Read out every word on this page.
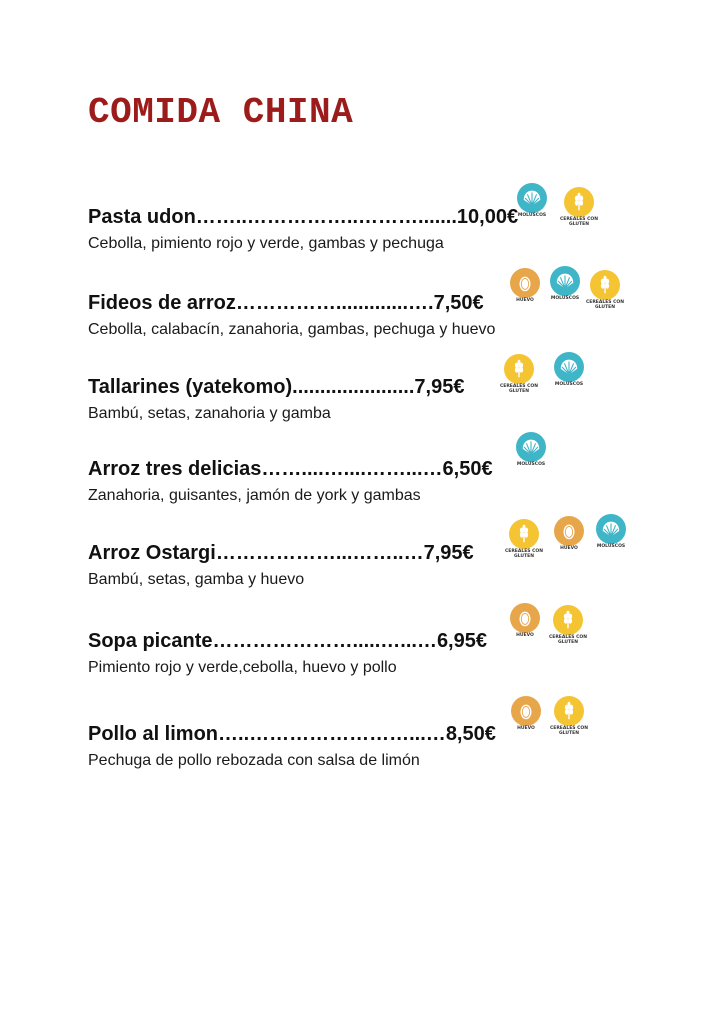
COMIDA CHINA
Pasta udon……..……………..……….......10,00€
Cebolla, pimiento rojo y verde, gambas y pechuga
MOLUSCOS
CEREALES CON GLUTEN
Fideos de arroz…………….............….7,50€
Cebolla, calabacín, zanahoria, gambas, pechuga y huevo
HUEVO	MOLUSCOS
CEREALES CON GLUTEN
Tallarines (yatekomo)......................7,95€
Bambú, setas, zanahoria y gamba
CEREALES CON GLUTEN
MOLUSCOS
Arroz tres delicias……....…....……...…6,50€
Zanahoria, guisantes, jamón de york y gambas
MOLUSCOS
Arroz Ostargi………………...……..…7,95€
Bambú, setas, gamba y huevo
CEREALES CON GLUTEN
HUEVO	MOLUSCOS
Sopa picante………………….....…...…6,95€
Pimiento rojo y verde,cebolla, huevo y pollo
HUEVO	CEREALES CON GLUTEN
Pollo al limon…..……………………...…8,50€
Pechuga de pollo rebozada con salsa de limón
HUEVO	CEREALES CON GLUTEN
